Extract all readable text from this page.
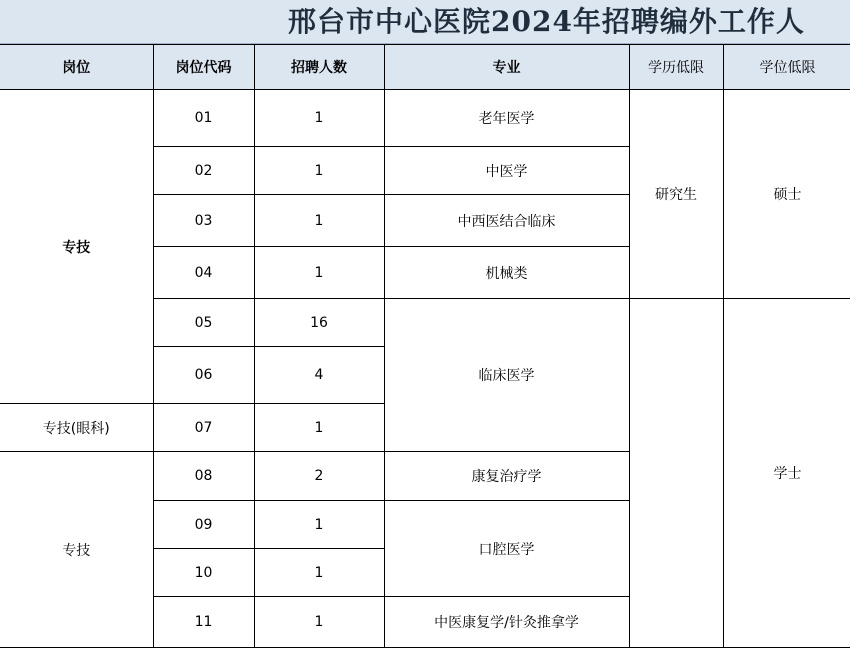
邢台市中心医院2024年招聘编外工作人
岗位	岗位代码	招聘人数	专业	学历低限	学位低限
专技	01	1	老年医学	研究生	硕士
	02	1	中医学		
	03	1	中西医结合临床		
	04	1	机械类		
	05	16	临床医学		学士
	06	4			
专技(眼科)	07	1			
专技	08	2	康复治疗学		
	09	1	口腔医学		
	10	1			
	11	1	中医康复学/针灸推拿学		
